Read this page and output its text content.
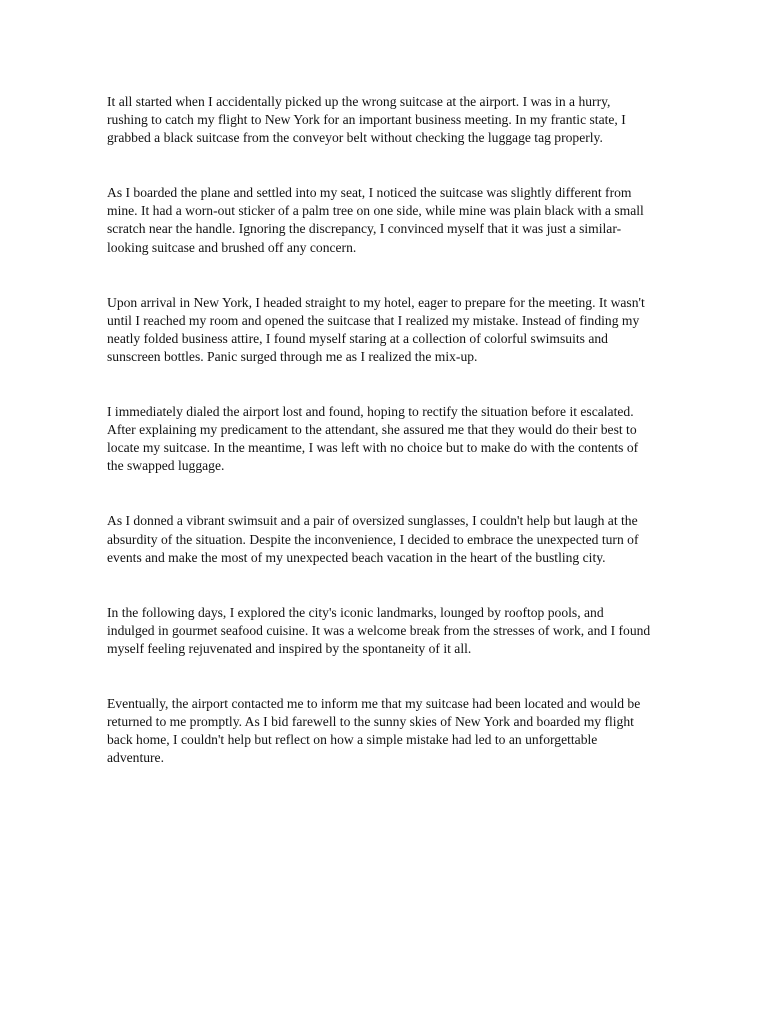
It all started when I accidentally picked up the wrong suitcase at the airport. I was in a hurry,
rushing to catch my flight to New York for an important business meeting. In my frantic state, I
grabbed a black suitcase from the conveyor belt without checking the luggage tag properly.

As I boarded the plane and settled into my seat, I noticed the suitcase was slightly different from
mine. It had a worn-out sticker of a palm tree on one side, while mine was plain black with a small
scratch near the handle. Ignoring the discrepancy, I convinced myself that it was just a similar-
looking suitcase and brushed off any concern.

Upon arrival in New York, I headed straight to my hotel, eager to prepare for the meeting. It wasn't
until I reached my room and opened the suitcase that I realized my mistake. Instead of finding my
neatly folded business attire, I found myself staring at a collection of colorful swimsuits and
sunscreen bottles. Panic surged through me as I realized the mix-up.

I immediately dialed the airport lost and found, hoping to rectify the situation before it escalated.
After explaining my predicament to the attendant, she assured me that they would do their best to
locate my suitcase. In the meantime, I was left with no choice but to make do with the contents of
the swapped luggage.

As I donned a vibrant swimsuit and a pair of oversized sunglasses, I couldn't help but laugh at the
absurdity of the situation. Despite the inconvenience, I decided to embrace the unexpected turn of
events and make the most of my unexpected beach vacation in the heart of the bustling city.

In the following days, I explored the city's iconic landmarks, lounged by rooftop pools, and
indulged in gourmet seafood cuisine. It was a welcome break from the stresses of work, and I found
myself feeling rejuvenated and inspired by the spontaneity of it all.

Eventually, the airport contacted me to inform me that my suitcase had been located and would be
returned to me promptly. As I bid farewell to the sunny skies of New York and boarded my flight
back home, I couldn't help but reflect on how a simple mistake had led to an unforgettable
adventure.
